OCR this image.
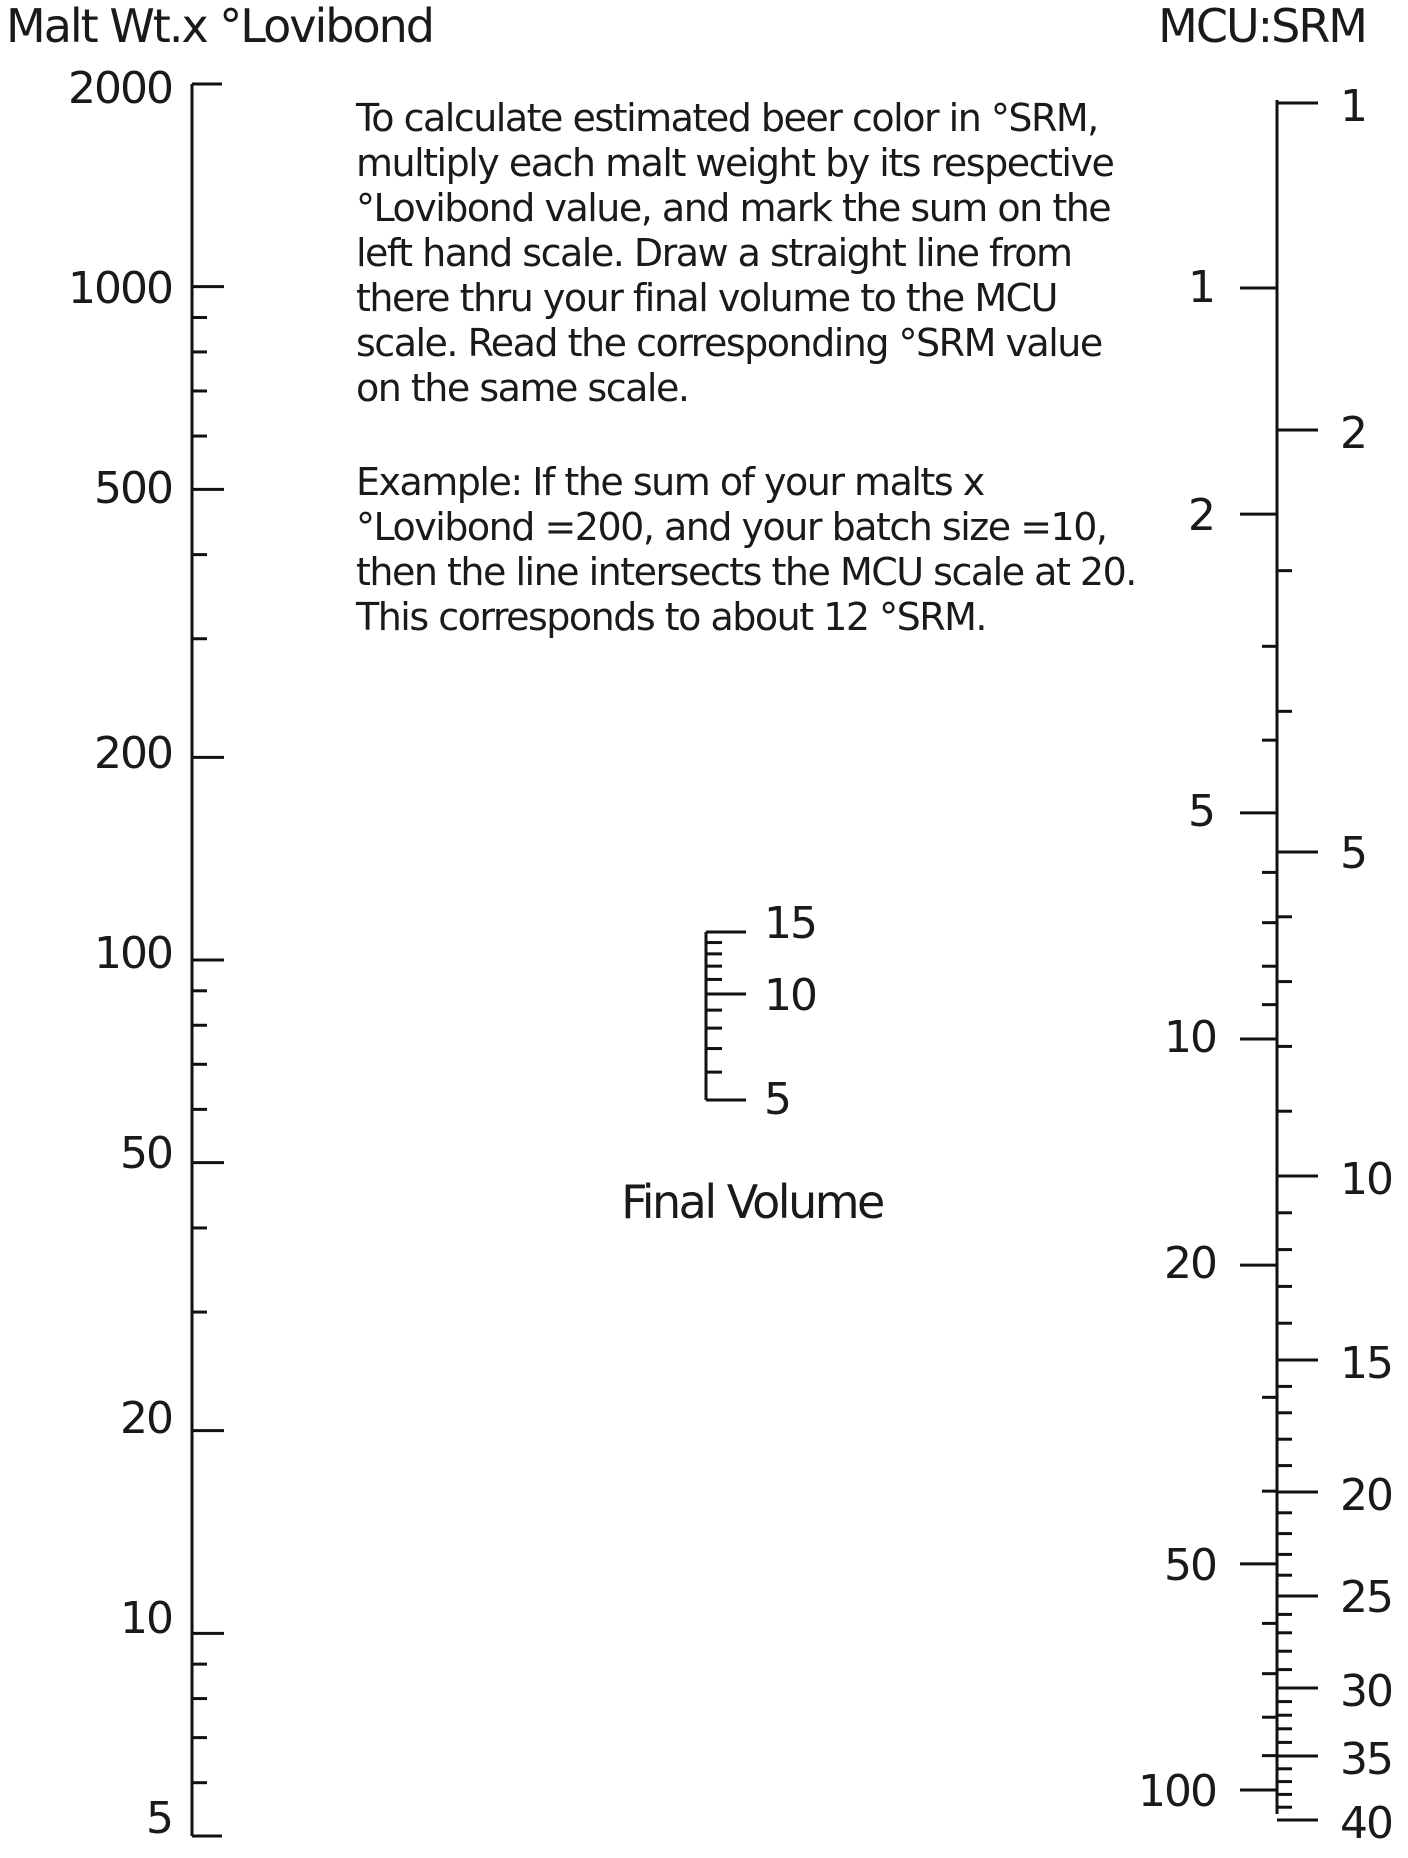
Malt Wt.x °Lovibond	MCU:SRM
2000
1000
500
200
100
50
20
10
5
15
10
5
Final Volume
1
2
5
10
20
50
100
1
2
5
10
15
20
25
30
35
40
To calculate estimated beer color in °SRM,
multiply each malt weight by its respective
°Lovibond value, and mark the sum on the
left hand scale. Draw a straight line from
there thru your final volume to the MCU
scale. Read the corresponding °SRM value
on the same scale.
Example: If the sum of your malts x
°Lovibond =200, and your batch size =10,
then the line intersects the MCU scale at 20.
This corresponds to about 12 °SRM.
